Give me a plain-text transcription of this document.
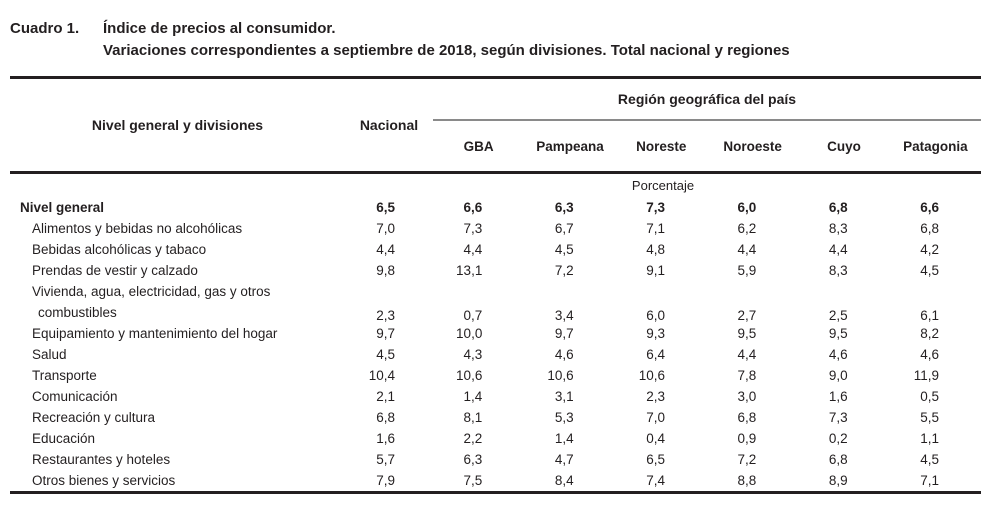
Cuadro 1.	Índice de precios al consumidor.
Variaciones correspondientes a septiembre de 2018, según divisiones. Total nacional y regiones
Nivel general y divisiones	Nacional	Región geográfica del país					
		GBA	Pampeana	Noreste	Noroeste	Cuyo	Patagonia
	Porcentaje						
Nivel general	6,5	6,6	6,3	7,3	6,0	6,8	6,6
Alimentos y bebidas no alcohólicas	7,0	7,3	6,7	7,1	6,2	8,3	6,8
Bebidas alcohólicas y tabaco	4,4	4,4	4,5	4,8	4,4	4,4	4,2
Prendas de vestir y calzado	9,8	13,1	7,2	9,1	5,9	8,3	4,5

Vivienda, agua, electricidad, gas y otros
combustibles	2,3	0,7	3,4	6,0	2,7	2,5	6,1
Equipamiento y mantenimiento del hogar	9,7	10,0	9,7	9,3	9,5	9,5	8,2
Salud	4,5	4,3	4,6	6,4	4,4	4,6	4,6
Transporte	10,4	10,6	10,6	10,6	7,8	9,0	11,9
Comunicación	2,1	1,4	3,1	2,3	3,0	1,6	0,5
Recreación y cultura	6,8	8,1	5,3	7,0	6,8	7,3	5,5
Educación	1,6	2,2	1,4	0,4	0,9	0,2	1,1
Restaurantes y hoteles	5,7	6,3	4,7	6,5	7,2	6,8	4,5
Otros bienes y servicios	7,9	7,5	8,4	7,4	8,8	8,9	7,1
